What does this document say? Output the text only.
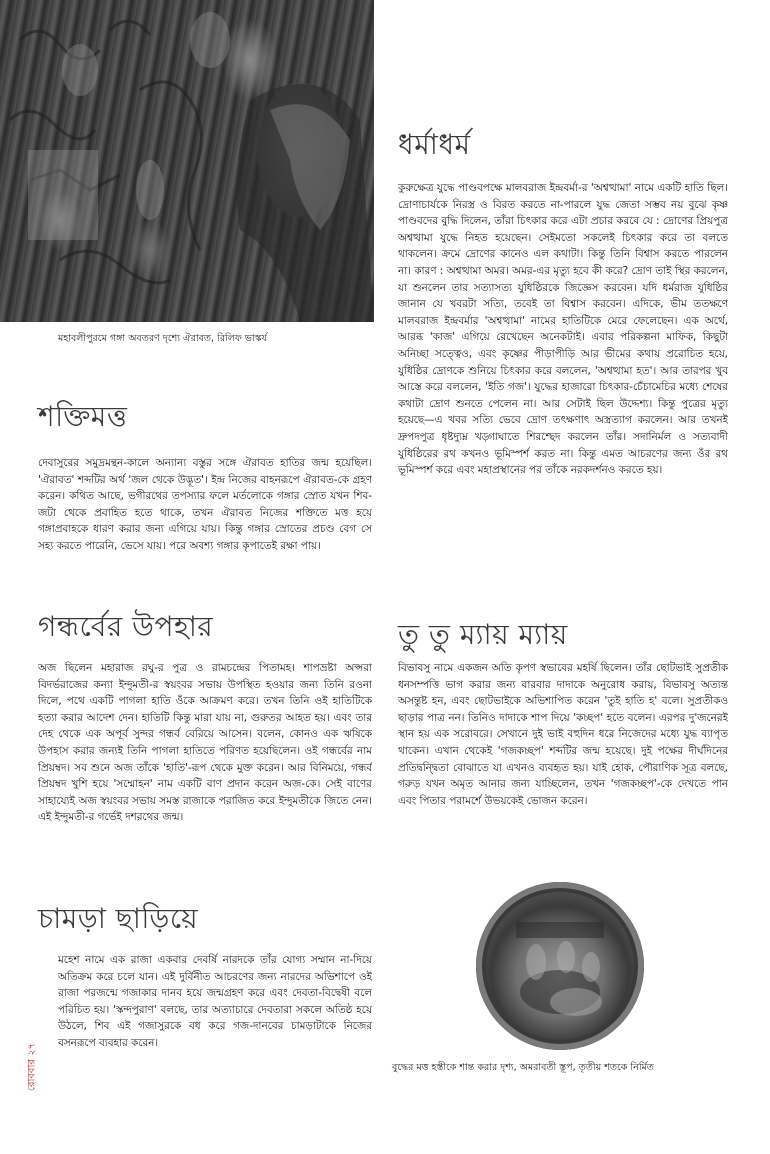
মহাবলীপুরমে গঙ্গা অবতরণ দৃশ্যে ঐরাবত, রিলিফ ভাস্কর্য
ধর্মাধর্ম

কুরুক্ষেত্র যুদ্ধে পাণ্ডবপক্ষে মালবরাজ ইন্দ্রবর্মা-র 'অশ্বত্থামা' নামে একটি হাতি ছিল। দ্রোণাচার্যকে নিরস্ত্র ও বিরত করতে না-পারলে যুদ্ধ জেতা সম্ভব নয় বুঝে কৃষ্ণ পাণ্ডবদের বুদ্ধি দিলেন, তাঁরা চিৎকার করে এটা প্রচার করবে যে : দ্রোণের প্রিয়পুত্র অশ্বত্থামা যুদ্ধে নিহত হয়েছেন। সেইমতো সকলেই চিৎকার করে তা বলতে থাকলেন। ক্রমে দ্রোণের কানেও এল কথাটা। কিন্তু তিনি বিশ্বাস করতে পারলেন না। কারণ : অশ্বত্থামা অমর। অমর-এর মৃত্যু হবে কী করে? দ্রোণ তাই স্থির করলেন, যা শুনলেন তার সত্যাসত্য যুধিষ্ঠিরকে জিজ্ঞেস করবেন। যদি ধর্মরাজ যুধিষ্ঠির জানান যে খবরটা সত্যি, তবেই তা বিশ্বাস করবেন। এদিকে, ভীম ততক্ষণে মালবরাজ ইন্দ্রবর্মার 'অশ্বত্থামা' নামের হাতিটিকে মেরে ফেলেছেন। এক অর্থে, আরব্ধ 'কাজ' এগিয়ে রেখেছেন অনেকটাই। এবার পরিকল্পনা মাফিক, কিছুটা অনিচ্ছা সত্ত্বেও, এবং কৃষ্ণের পীড়াপীড়ি আর ভীমের কথায় প্ররোচিত হয়ে, যুধিষ্ঠির দ্রোণকে শুনিয়ে চিৎকার করে বললেন, 'অশ্বত্থামা হত'। আর তারপর খুব আস্তে করে বললেন, 'ইতি গজ'। যুদ্ধের হাজারো চিৎকার-চেঁচামেচির মধ্যে শেষের কথাটা দ্রোণ শুনতে পেলেন না। আর সেটাই ছিল উদ্দেশ্য। কিন্তু পুত্রের মৃত্যু হয়েছে—এ খবর সত্যি ভেবে দ্রোণ তৎক্ষণাৎ অস্ত্রত্যাগ করলেন। আর তখনই দ্রুপদপুত্র ধৃষ্টদ্যুম্ন খড়্গাঘাতে শিরশ্ছেদ করলেন তাঁর। সদানির্মল ও সত্যবাদী যুধিষ্ঠিরের রথ কখনও ভূমিস্পর্শ করত না। কিন্তু এমত আচরণের জন্য ওঁর রথ ভূমিস্পর্শ করে এবং মহাপ্রস্থানের পর তাঁকে নরকদর্শনও করতে হয়।

শক্তিমত্ত

দেবাসুরের সমুদ্রমন্থন-কালে অন্যান্য বস্তুর সঙ্গে ঐরাবত হাতির জন্ম হয়েছিল। 'ঐরাবত' শব্দটির অর্থ 'জল থেকে উদ্ভূত'। ইন্দ্র নিজের বাহনরূপে ঐরাবত-কে গ্রহণ করেন। কথিত আছে, ভগীরথের তপস্যার ফলে মর্তলোকে গঙ্গার স্রোত যখন শিব-জটা থেকে প্রবাহিত হতে থাকে, তখন ঐরাবত নিজের শক্তিতে মত্ত হয়ে গঙ্গাপ্রবাহকে ধারণ করার জন্য এগিয়ে যায়। কিন্তু গঙ্গার স্রোতের প্রচণ্ড বেগ সে সহ্য করতে পারেনি, ভেসে যায়। পরে অবশ্য গঙ্গার কৃপাতেই রক্ষা পায়।

গন্ধর্বের উপহার

অজ ছিলেন মহারাজ রঘু-র পুত্র ও রামচন্দ্রের পিতামহ। শাপভ্রষ্টা অপ্সরা বিদর্ভরাজের কন্যা ইন্দুমতী-র স্বয়ংবর সভায় উপস্থিত হওয়ার জন্য তিনি রওনা দিলে, পথে একটি পাগলা হাতি ওঁকে আক্রমণ করে। তখন তিনি ওই হাতিটিকে হত্যা করার আদেশ দেন। হাতিটি কিন্তু মারা যায় না, গুরুতর আহত হয়। এবং তার দেহ থেকে এক অপূর্ব সুন্দর গন্ধর্ব বেরিয়ে আসেন। বলেন, কোনও এক ঋষিকে উপহাস করার জন্যই তিনি পাগলা হাতিতে পরিণত হয়েছিলেন। ওই গন্ধর্বের নাম প্রিয়ম্বদ। সব শুনে অজ তাঁকে 'হাতি'-রূপ থেকে মুক্ত করেন। আর বিনিময়ে, গন্ধর্ব প্রিয়ম্বদ খুশি হয়ে 'সম্মোহন' নাম একটি বাণ প্রদান করেন অজ-কে। সেই বাণের সাহায্যেই অজ স্বয়ংবর সভায় সমস্ত রাজাকে পরাজিত করে ইন্দুমতীকে জিতে নেন। এই ইন্দুমতী-র গর্ভেই দশরথের জন্ম।

তু তু ম্যায় ম্যায়

বিভাবসু নামে একজন অতি কৃপণ স্বভাবের মহর্ষি ছিলেন। তাঁর ছোটভাই সুপ্রতীক ধনসম্পত্তি ভাগ করার জন্য বারবার দাদাকে অনুরোধ করায়, বিভাবসু অত্যন্ত অসন্তুষ্ট হন, এবং ছোটভাইকে অভিশাপিত করেন 'তুই হাতি হ' বলে। সুপ্রতীকও ছাড়ার পাত্র নন। তিনিও দাদাকে শাপ দিয়ে 'কচ্ছপ' হতে বলেন। এরপর দু'জনেরই স্থান হয় এক সরোবরে। সেখানে দুই ভাই বহুদিন ধরে নিজেদের মধ্যে যুদ্ধ ব্যাপৃত থাকেন। এখান থেকেই 'গজকচ্ছপ' শব্দটির জন্ম হয়েছে। দুই পক্ষের দীর্ঘদিনের প্রতিদ্বন্দ্বিতা বোঝাতে যা এখনও ব্যবহৃত হয়। যাই হোক, পৌরাণিক সূত্র বলছে, গরুড় যখন অমৃত আনার জন্য যাচ্ছিলেন, তখন 'গজকচ্ছপ'-কে দেখতে পান এবং পিতার পরামর্শে উভয়কেই ভোজন করেন।

চামড়া ছাড়িয়ে

মহেশ নামে এক রাজা একবার দেবর্ষি নারদকে তাঁর যোগ্য সম্মান না-দিয়ে অতিক্রম করে চলে যান। এই দুর্বিনীত আচরণের জন্য নারদের অভিশাপে ওই রাজা পরজন্মে গজাকার দানব হয়ে জন্মগ্রহণ করে এবং দেবতা-বিদ্বেষী বলে পরিচিত হয়। 'স্কন্দপুরাণ' বলছে, তার অত্যাচারে দেবতারা সকলে অতিষ্ঠ হয়ে উঠলে, শিব এই গজাসুরকে বধ করে গজ-দানবের চামড়াটাকে নিজের বসনরূপে ব্যবহার করেন।

বুদ্ধের মত্ত হস্তীকে শান্ত করার দৃশ্য, অমরাবতী স্তূপ, তৃতীয় শতকে নির্মিত
রোববার ২৭
